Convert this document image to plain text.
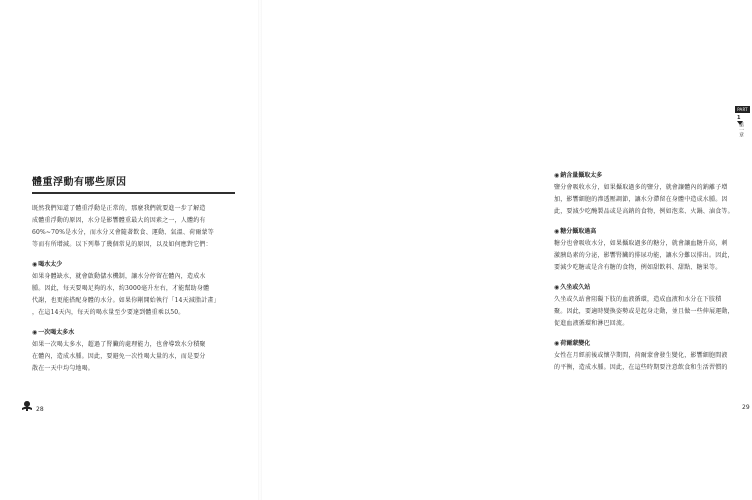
體重浮動有哪些原因

既然我們知道了體重浮動是正常的，那麼我們就要進一步了解造
成體重浮動的原因，水分是影響體重最大的因素之一，人體約有
60%~70%是水分，而水分又會隨著飲食、運動、氣溫、荷爾蒙等
等而有所增減。以下列舉了幾個常見的原因，以及如何應對它們：

◉喝水太少

如果身體缺水，就會啟動儲水機制，讓水分停留在體內，造成水
腫。因此，每天要喝足夠的水，約3000毫升左右，才能幫助身體
代謝，也更能搭配身體的水分。如果你剛開始執行「14天減脂計畫」
，在這14天內，每天的喝水量至少要達到體重乘以50。

◉一次喝太多水

如果一次喝太多水，超過了腎臟的處理能力，也會導致水分積聚
在體內，造成水腫。因此，要避免一次性喝大量的水，而是要分
散在一天中均勻地喝。

28
PART
1
第一章
◉鈉含量攝取太多

鹽分會吸收水分，如果攝取過多的鹽分，就會讓體內的鈉離子增
加，影響細胞的滲透壓調節，讓水分滯留在身體中造成水腫。因
此，要減少吃醃製品或是高鈉的食物，例如泡菜、火鍋、滷食等。

◉糖分攝取過高

糖分也會吸收水分，如果攝取過多的糖分，就會讓血糖升高，刺
激胰島素的分泌，影響腎臟的排尿功能，讓水分難以排出。因此，
要減少吃糖或是含有糖的食物，例如甜飲料、甜點、糖果等。

◉久坐或久站

久坐或久站會阻礙下肢的血液循環，造成血液和水分在下肢積
聚。因此，要適時變換姿勢或是起身走動，並且做一些伸展運動，
促進血液循環和淋巴回流。

◉荷爾蒙變化

女性在月經前後或懷孕期間，荷爾蒙會發生變化，影響細胞間液
的平衡，造成水腫。因此，在這些時期要注意飲食和生活習慣的

29
